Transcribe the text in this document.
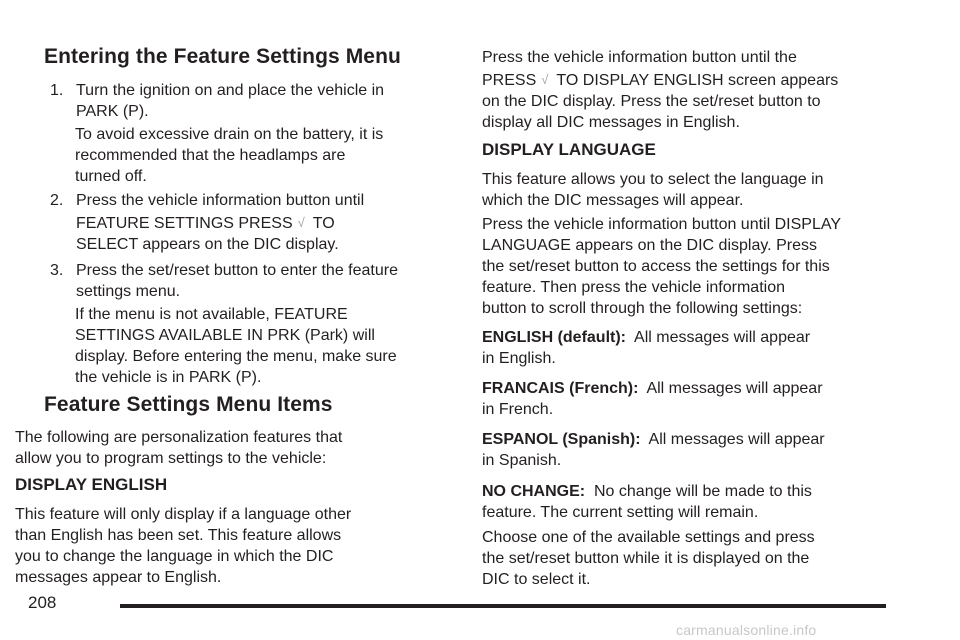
Entering the Feature Settings Menu
1. Turn the ignition on and place the vehicle in

PARK (P).

To avoid excessive drain on the battery, it is

recommended that the headlamps are

turned off.

2. Press the vehicle information button until

FEATURE SETTINGS PRESS √ TO

SELECT appears on the DIC display.

3. Press the set/reset button to enter the feature

settings menu.

If the menu is not available, FEATURE

SETTINGS AVAILABLE IN PRK (Park) will

display. Before entering the menu, make sure

the vehicle is in PARK (P).

Feature Settings Menu Items

The following are personalization features that

allow you to program settings to the vehicle:

DISPLAY ENGLISH

This feature will only display if a language other

than English has been set. This feature allows

you to change the language in which the DIC

messages appear to English.

Press the vehicle information button until the

PRESS √ TO DISPLAY ENGLISH screen appears

on the DIC display. Press the set/reset button to

display all DIC messages in English.

DISPLAY LANGUAGE

This feature allows you to select the language in

which the DIC messages will appear.

Press the vehicle information button until DISPLAY

LANGUAGE appears on the DIC display. Press

the set/reset button to access the settings for this

feature. Then press the vehicle information

button to scroll through the following settings:

ENGLISH (default): All messages will appear

in English.

FRANCAIS (French): All messages will appear

in French.

ESPANOL (Spanish): All messages will appear

in Spanish.

NO CHANGE: No change will be made to this

feature. The current setting will remain.

Choose one of the available settings and press

the set/reset button while it is displayed on the

DIC to select it.

208
carmanualsonline.info
